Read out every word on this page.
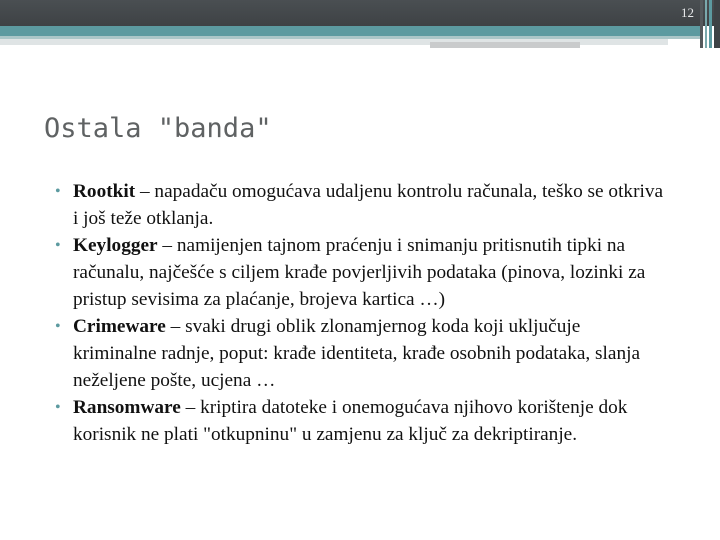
12
Ostala "banda"
• Rootkit – napadaču omogućava udaljenu kontrolu računala, teško se otkriva i još teže otklanja.
• Keylogger – namijenjen tajnom praćenju i snimanju pritisnutih tipki na računalu, najčešće s ciljem krađe povjerljivih podataka (pinova, lozinki za pristup sevisima za plaćanje, brojeva kartica …)
• Crimeware – svaki drugi oblik zlonamjernog koda koji uključuje kriminalne radnje, poput: krađe identiteta, krađe osobnih podataka, slanja neželjene pošte, ucjena …
• Ransomware – kriptira datoteke i onemogućava njihovo korištenje dok korisnik ne plati "otkupninu" u zamjenu za ključ za dekriptiranje.
